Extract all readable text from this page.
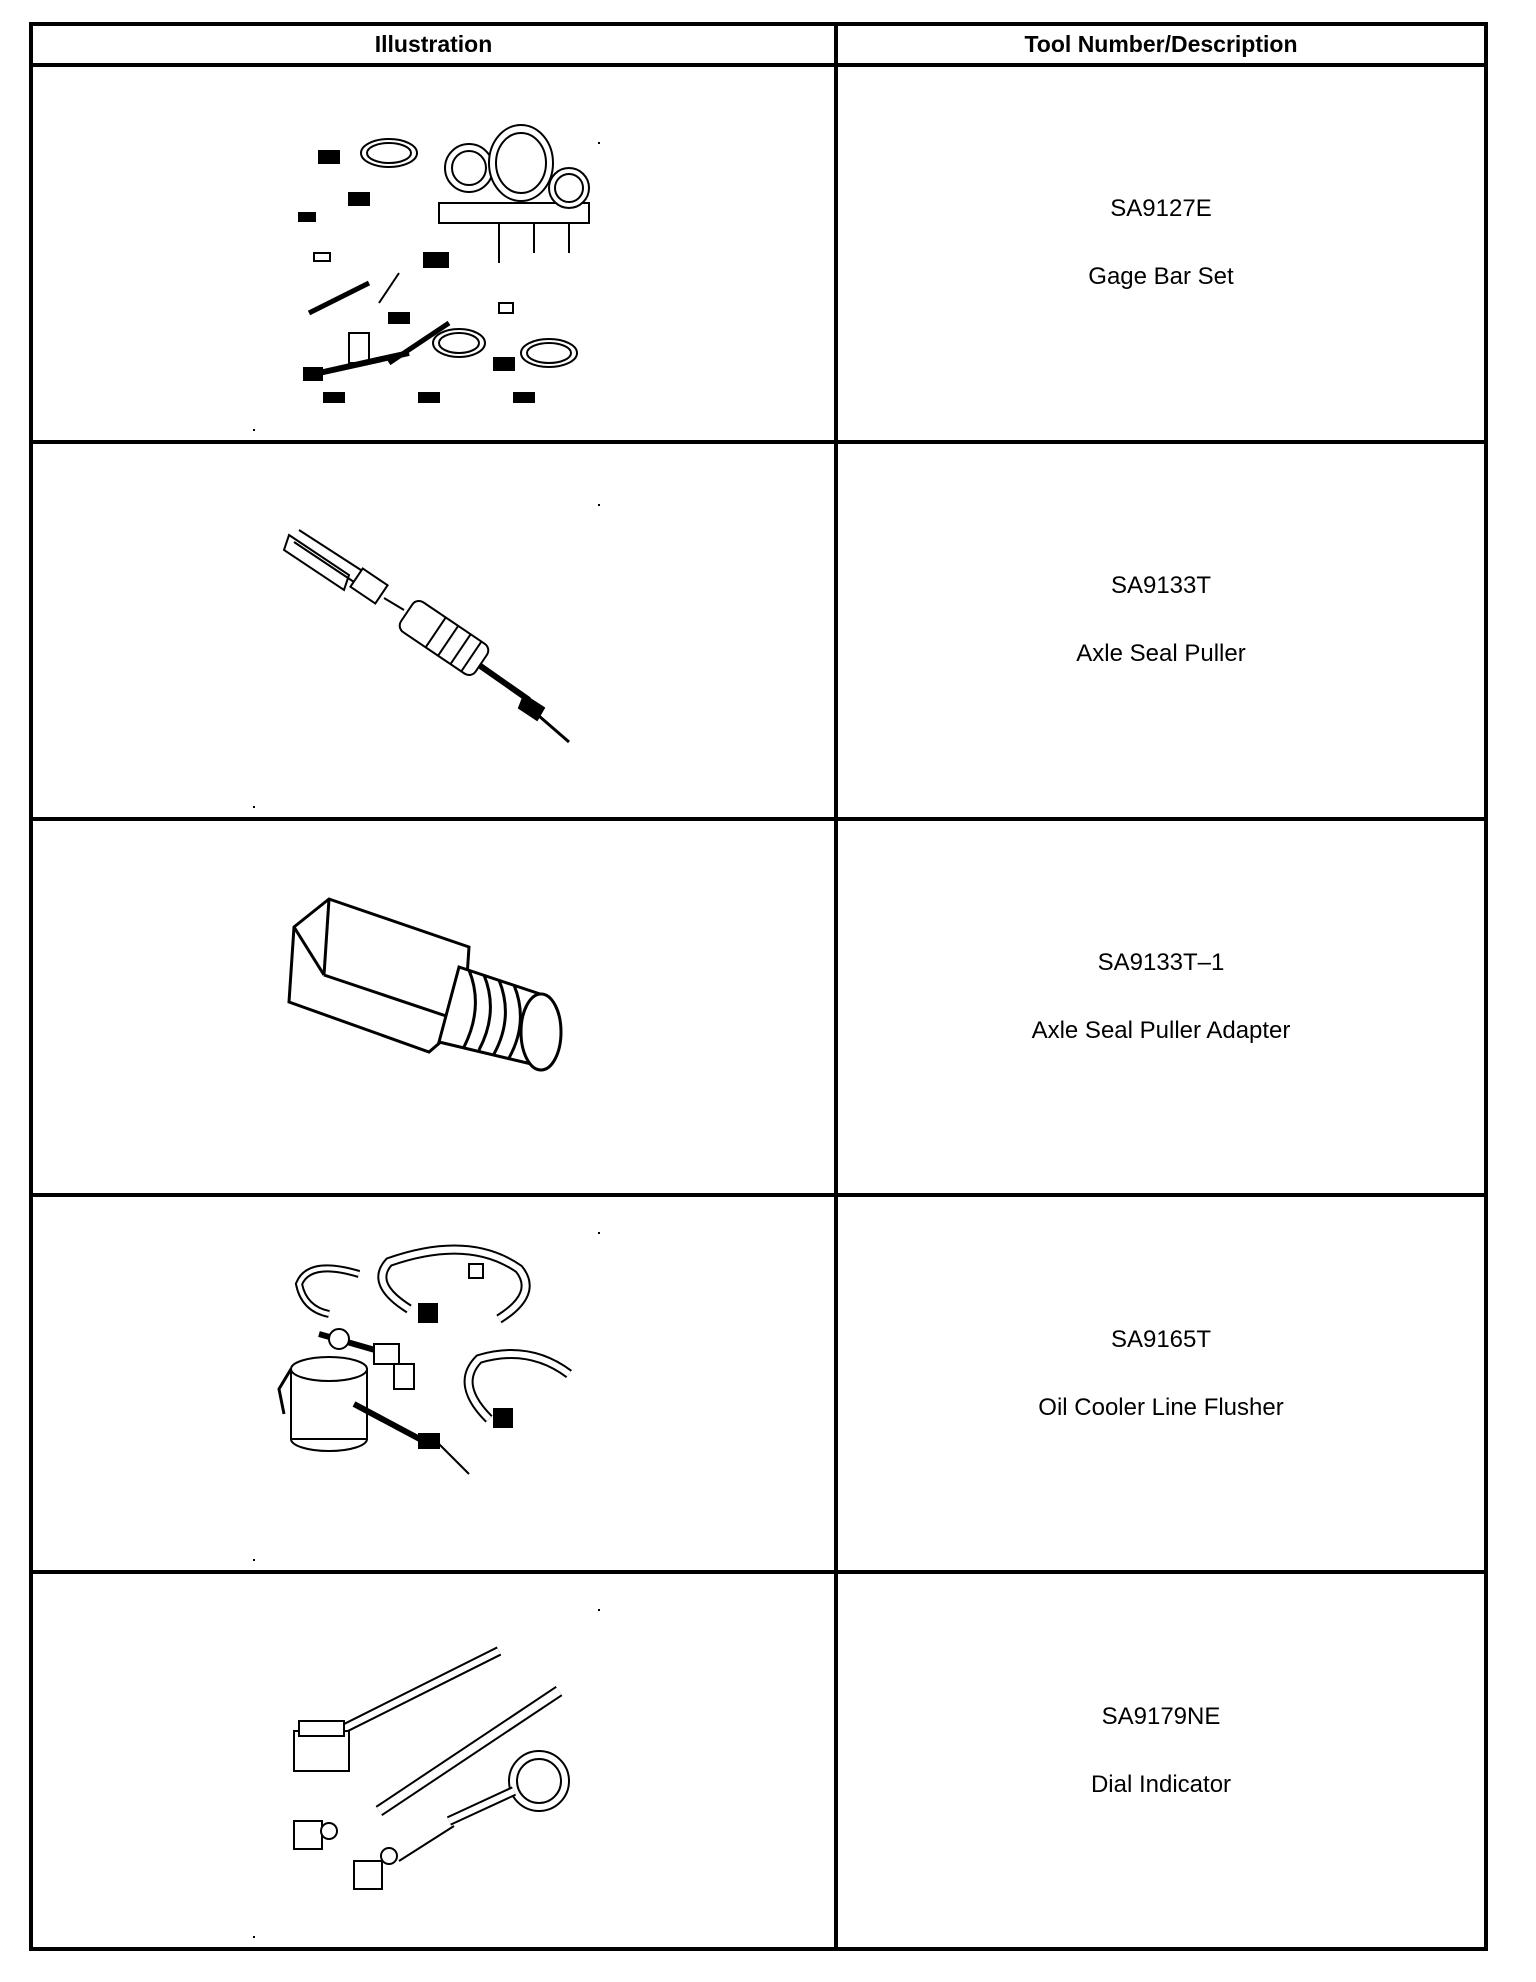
Illustration	Tool Number/Description

SA9127E
Gage Bar Set

SA9133T
Axle Seal Puller

SA9133T–1
Axle Seal Puller Adapter

SA9165T
Oil Cooler Line Flusher

SA9179NE
Dial Indicator
